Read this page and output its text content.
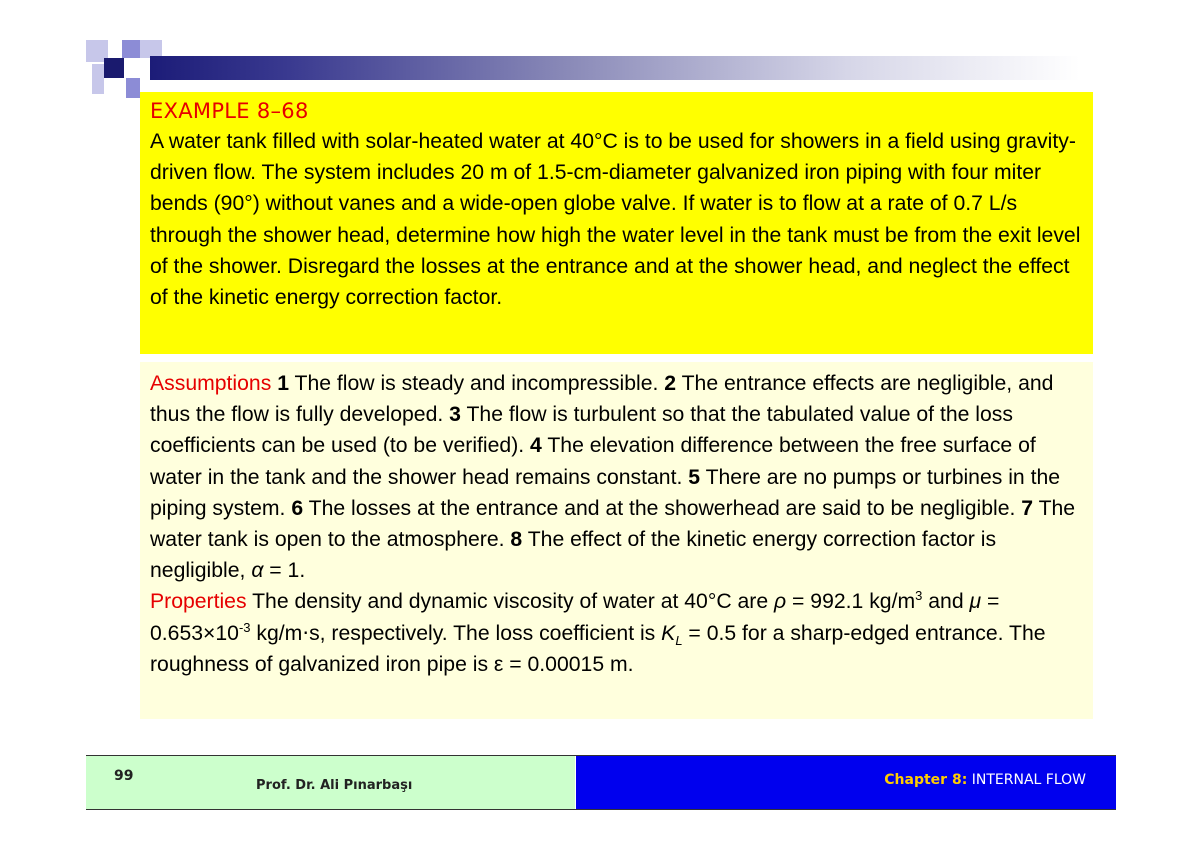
EXAMPLE 8–68

A water tank filled with solar-heated water at 40°C is to be used for showers in a field using gravity-driven flow. The system includes 20 m of 1.5-cm-diameter galvanized iron piping with four miter bends (90°) without vanes and a wide-open globe valve. If water is to flow at a rate of 0.7 L/s through the shower head, determine how high the water level in the tank must be from the exit level of the shower. Disregard the losses at the entrance and at the shower head, and neglect the effect of the kinetic energy correction factor.

Assumptions 1 The flow is steady and incompressible. 2 The entrance effects are negligible, and thus the flow is fully developed. 3 The flow is turbulent so that the tabulated value of the loss coefficients can be used (to be verified). 4 The elevation difference between the free surface of water in the tank and the shower head remains constant. 5 There are no pumps or turbines in the piping system. 6 The losses at the entrance and at the showerhead are said to be negligible. 7 The water tank is open to the atmosphere. 8 The effect of the kinetic energy correction factor is negligible, α = 1.

Properties The density and dynamic viscosity of water at 40°C are ρ = 992.1 $kg/m^3$ and $\mu = 0.653\times 10^{-3}$ kg/m⋅s, respectively. The loss coefficient is $K_L = 0.5$ for a sharp-edged entrance. The roughness of galvanized iron pipe is ε = 0.00015 m.

99
Prof. Dr. Ali Pınarbaşı	Chapter 8: INTERNAL FLOW
